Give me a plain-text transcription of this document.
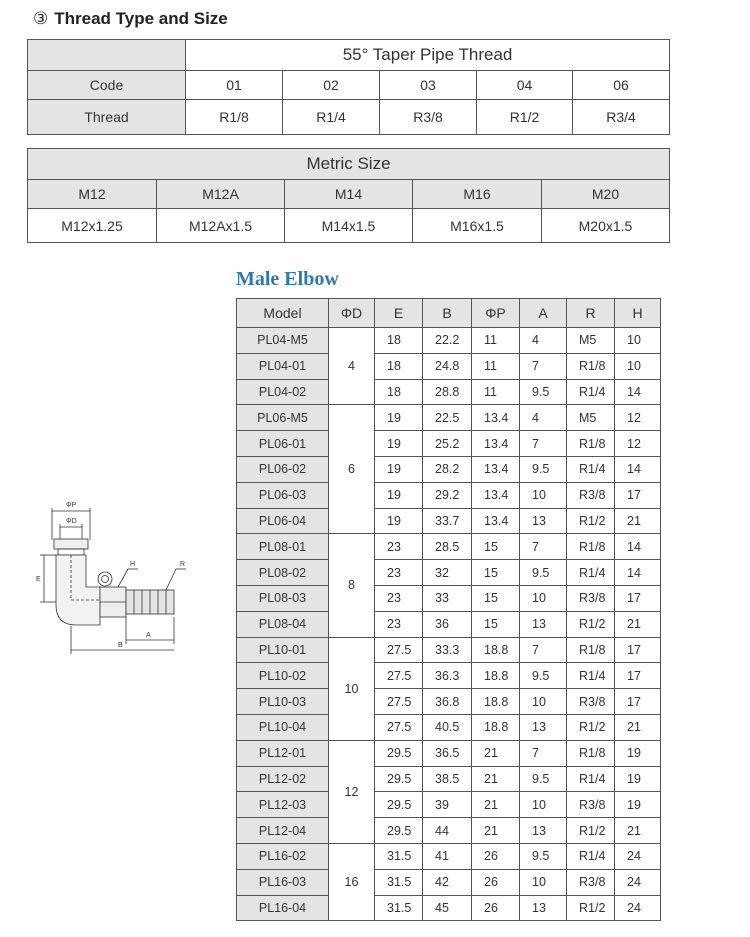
③ Thread Type and Size
	55° Taper Pipe Thread				
Code	01	02	03	04	06
Thread	R1/8	R1/4	R3/8	R1/2	R3/4
Metric Size				
M12	M12A	M14	M16	M20
M12x1.25	M12Ax1.5	M14x1.5	M16x1.5	M20x1.5
Male Elbow
Model	ΦD	E	B	ΦP	A	R	H
PL04-M5	4	18	22.2	11	4	M5	10
PL04-01		18	24.8	11	7	R1/8	10
PL04-02		18	28.8	11	9.5	R1/4	14
PL06-M5	6	19	22.5	13.4	4	M5	12
PL06-01		19	25.2	13.4	7	R1/8	12
PL06-02		19	28.2	13.4	9.5	R1/4	14
PL06-03		19	29.2	13.4	10	R3/8	17
PL06-04		19	33.7	13.4	13	R1/2	21
PL08-01	8	23	28.5	15	7	R1/8	14
PL08-02		23	32	15	9.5	R1/4	14
PL08-03		23	33	15	10	R3/8	17
PL08-04		23	36	15	13	R1/2	21
PL10-01	10	27.5	33.3	18.8	7	R1/8	17
PL10-02		27.5	36.3	18.8	9.5	R1/4	17
PL10-03		27.5	36.8	18.8	10	R3/8	17
PL10-04		27.5	40.5	18.8	13	R1/2	21
PL12-01	12	29.5	36.5	21	7	R1/8	19
PL12-02		29.5	38.5	21	9.5	R1/4	19
PL12-03		29.5	39	21	10	R3/8	19
PL12-04		29.5	44	21	13	R1/2	21
PL16-02	16	31.5	41	26	9.5	R1/4	24
PL16-03		31.5	42	26	10	R3/8	24
PL16-04		31.5	45	26	13	R1/2	24
ΦP
ΦD
E
H	R
A
B
